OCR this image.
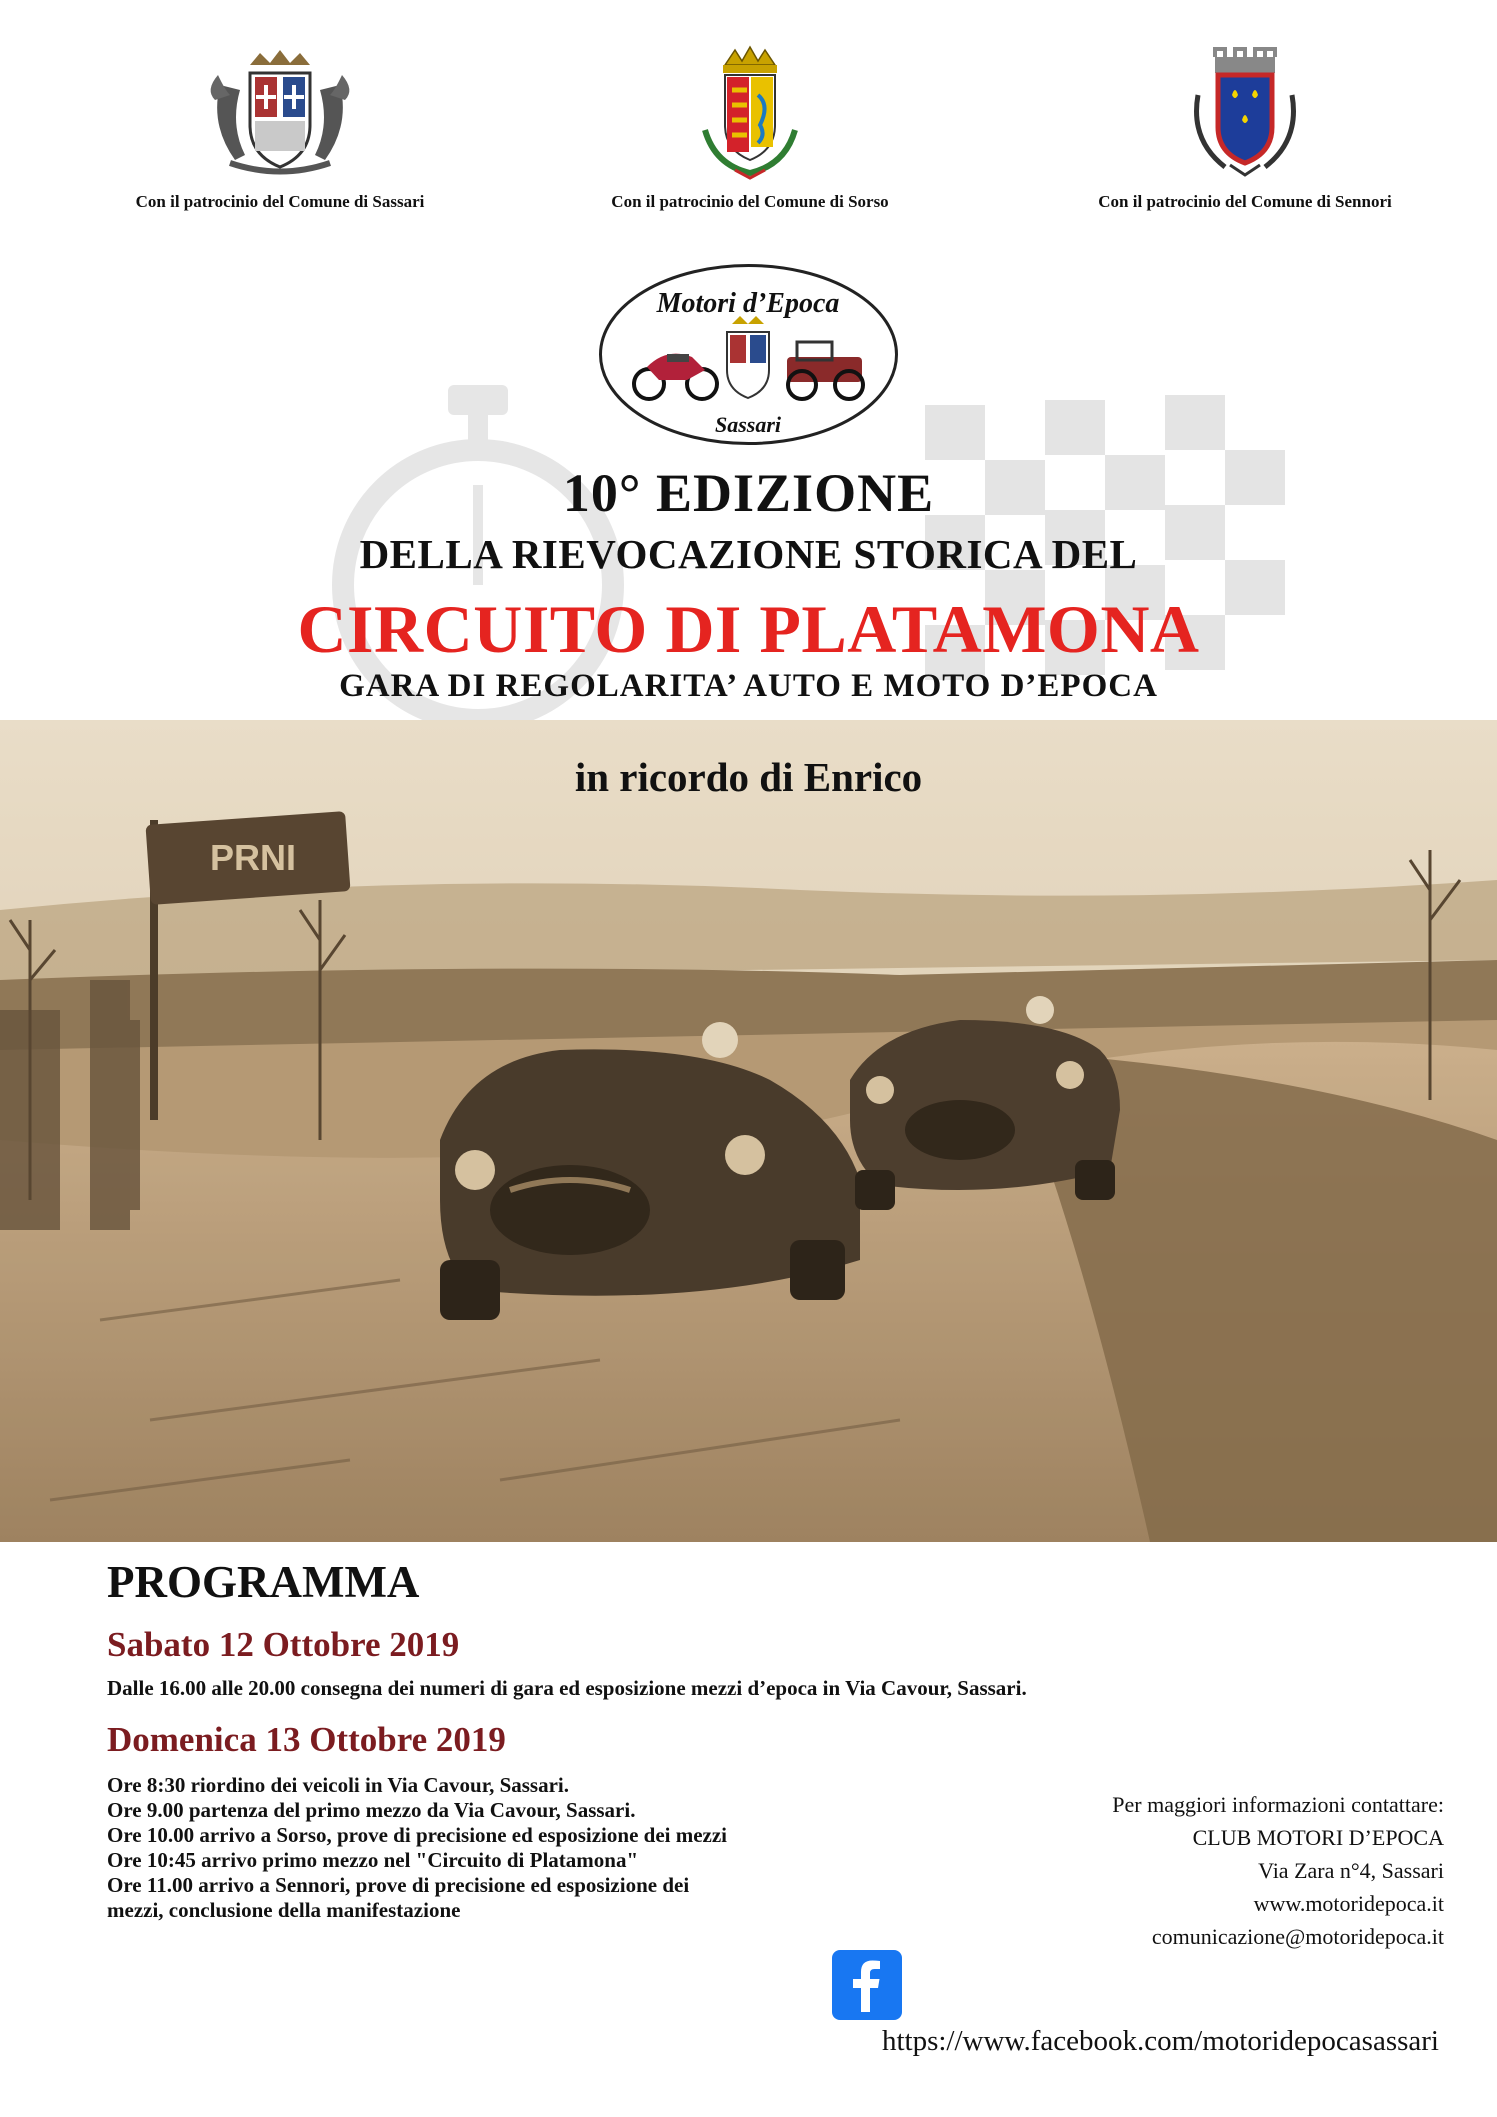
Con il patrocinio del Comune di Sassari	Con il patrocinio del Comune di Sorso	Con il patrocinio del Comune di Sennori
Motori d’Epoca
Sassari
10° EDIZIONE
DELLA RIEVOCAZIONE STORICA DEL
CIRCUITO DI PLATAMONA
GARA DI REGOLARITA’ AUTO E MOTO D’EPOCA
PRNI
in ricordo di Enrico
PROGRAMMA
Sabato 12 Ottobre 2019
Dalle 16.00 alle 20.00 consegna dei numeri di gara ed esposizione mezzi d’epoca in Via Cavour, Sassari.
Domenica 13 Ottobre 2019
Ore 8:30 riordino dei veicoli in Via Cavour, Sassari.
Ore 9.00 partenza del primo mezzo da Via Cavour, Sassari.
Ore 10.00 arrivo a Sorso, prove di precisione ed esposizione dei mezzi
Ore 10:45 arrivo primo mezzo nel "Circuito di Platamona"
Ore 11.00 arrivo a Sennori, prove di precisione ed esposizione dei mezzi, conclusione della manifestazione
Per maggiori informazioni contattare:
CLUB MOTORI D’EPOCA
Via Zara n°4, Sassari
www.motoridepoca.it
comunicazione@motoridepoca.it
https://www.facebook.com/motoridepocasassari
